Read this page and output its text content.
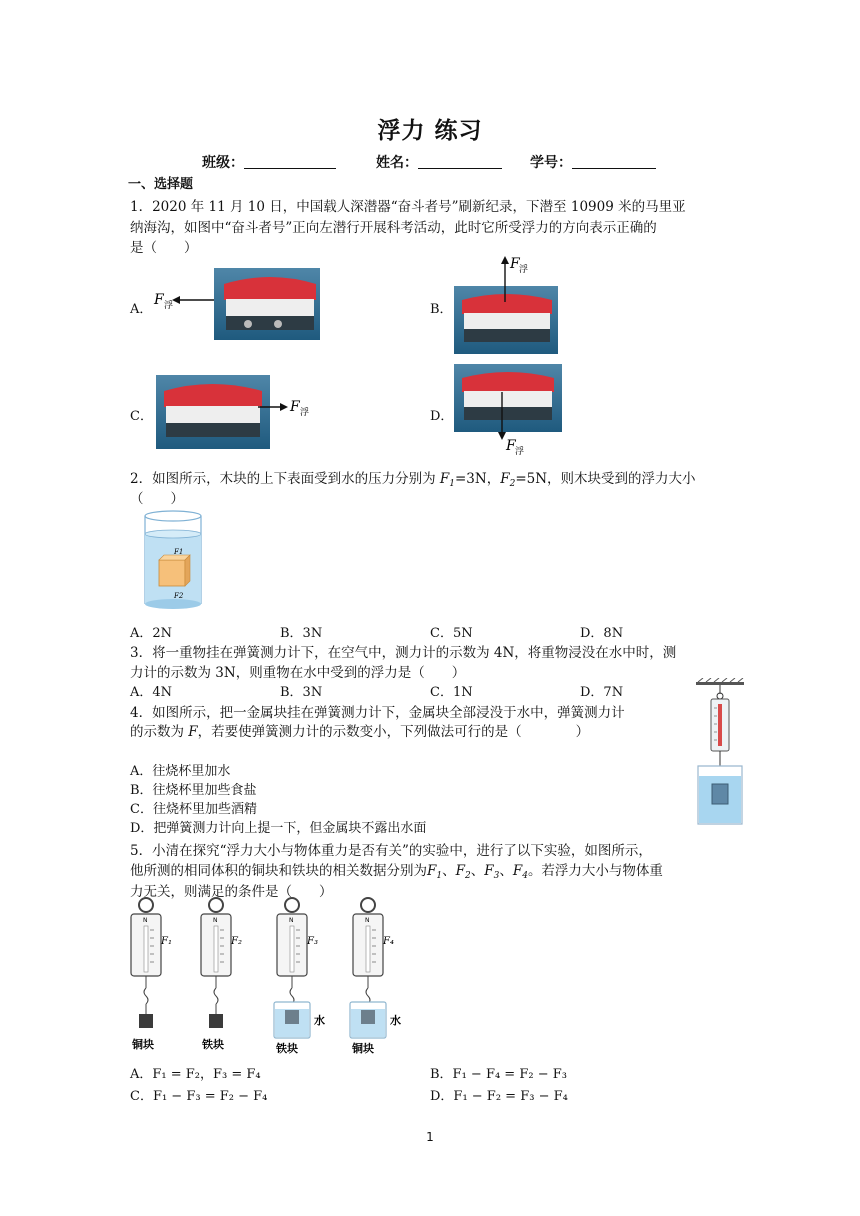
浮力 练习
班级：	姓名：	学号：
一、选择题
1．2020 年 11 月 10 日，中国载人深潜器“奋斗者号”刷新纪录，下潜至 10909 米的马里亚
纳海沟，如图中“奋斗者号”正向左潜行开展科考活动，此时它所受浮力的方向表示正确的
是（　　）
A．	B．
C．	D．
F 浮
F 浮
F 浮
F 浮
2．如图所示，木块的上下表面受到水的压力分别为 $F_1=3N$，$F_2=5N$，则木块受到的浮力大小
（　　）
F1
F2
A．2N	B．3N	C．5N	D．8N
3．将一重物挂在弹簧测力计下，在空气中，测力计的示数为 4N，将重物浸没在水中时，测
力计的示数为 3N，则重物在水中受到的浮力是（　　）
A．4N	B．3N	C．1N	D．7N
4．如图所示，把一金属块挂在弹簧测力计下，金属块全部浸没于水中，弹簧测力计
的示数为 F，若要使弹簧测力计的示数变小，下列做法可行的是（　　　　）
A．往烧杯里加水
B．往烧杯里加些食盐
C．往烧杯里加些酒精
D．把弹簧测力计向上提一下，但金属块不露出水面
5．小清在探究“浮力大小与物体重力是否有关”的实验中，进行了以下实验，如图所示，
他所测的相同体积的铜块和铁块的相关数据分别为$F_1$、$F_2$、$F_3$、$F_4$。若浮力大小与物体重
力无关，则满足的条件是（　　）
N
F₁
铜块
N
F₂
铁块
N
F₃
水
铁块
N
F₄
水
铜块
A．F₁ = F₂，F₃ = F₄	B．F₁ − F₄ = F₂ − F₃
C．F₁ − F₃ = F₂ − F₄	D．F₁ − F₂ = F₃ − F₄
1
